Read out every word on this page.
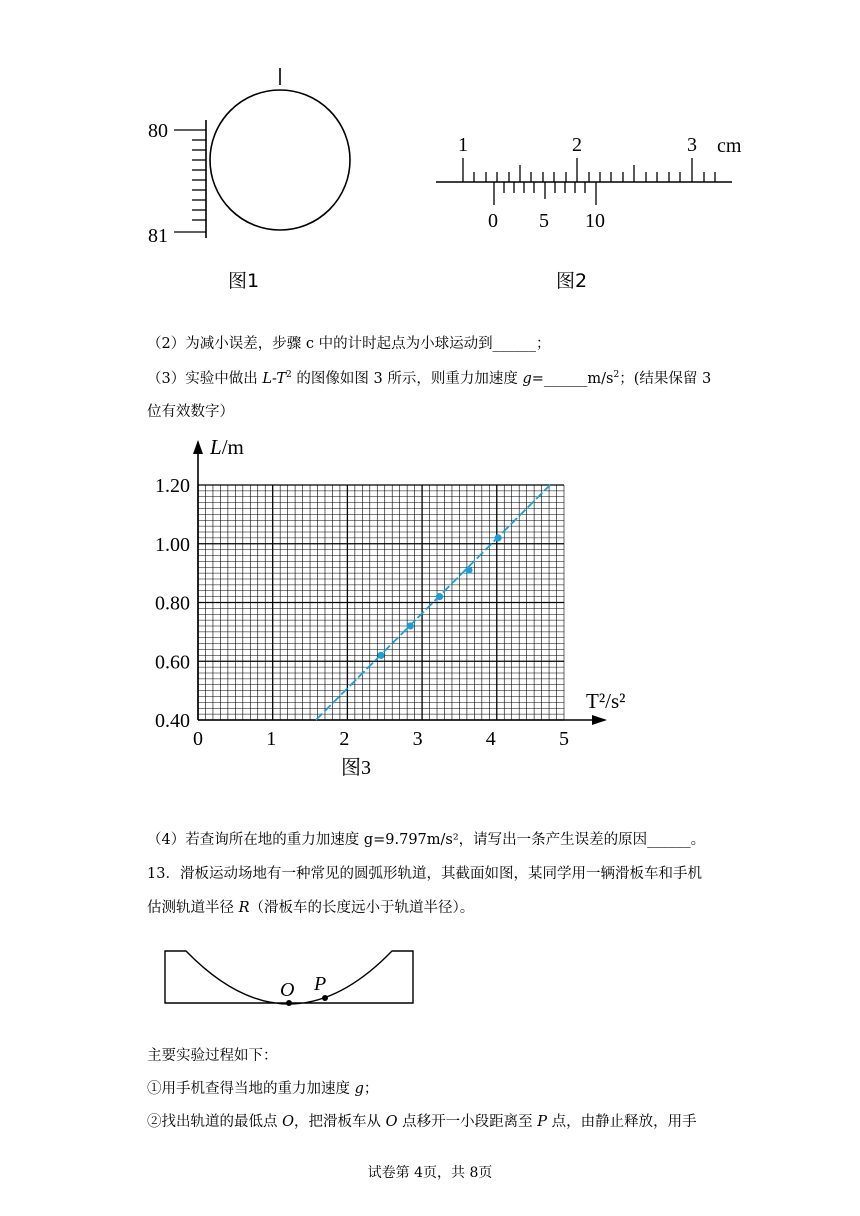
80
81
图1
1	2	3 cm
0 5 10
图2
（2）为减小误差，步骤 c 中的计时起点为小球运动到______；
（3）实验中做出 $L-T^2$ 的图像如图 3 所示，则重力加速度 $g=\_\_\_\_\_\_m/s^2$；(结果保留 3
位有效数字）
0	1	2	3	4	5
0.40
0.60
0.80
1.00
1.20
L/m
T²/s²
图3
（4）若查询所在地的重力加速度 g=9.797m/s²，请写出一条产生误差的原因______。
13．滑板运动场地有一种常见的圆弧形轨道，其截面如图，某同学用一辆滑板车和手机
估测轨道半径 R（滑板车的长度远小于轨道半径）。
O P
主要实验过程如下：
①用手机查得当地的重力加速度 g；
②找出轨道的最低点 O，把滑板车从 O 点移开一小段距离至 P 点，由静止释放，用手
试卷第 4页，共 8页
